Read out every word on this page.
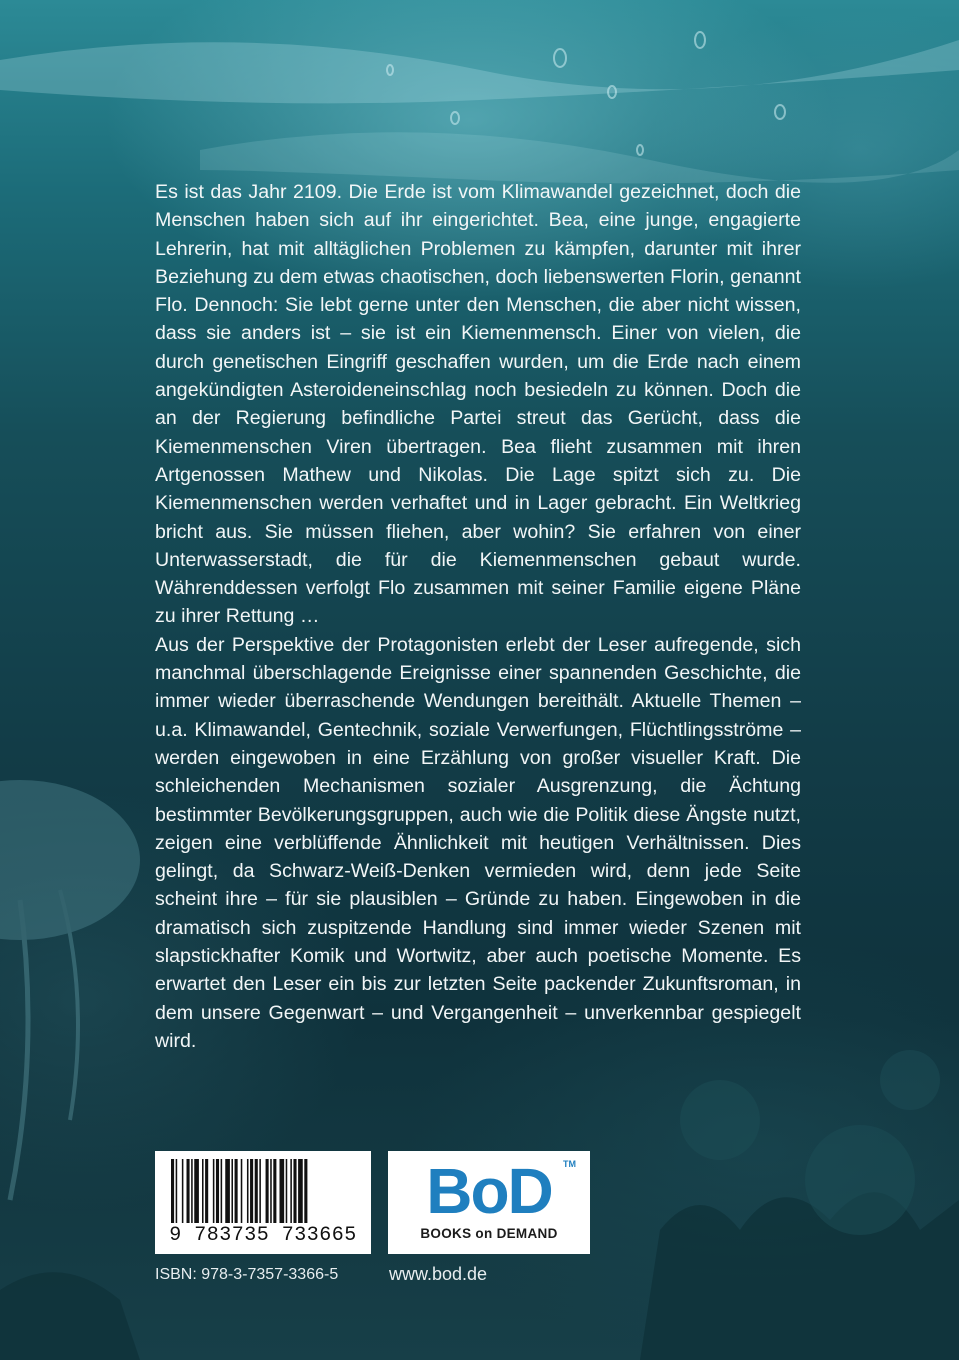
Es ist das Jahr 2109. Die Erde ist vom Klimawandel gezeichnet, doch die Menschen haben sich auf ihr eingerichtet. Bea, eine junge, engagierte Lehrerin, hat mit alltäglichen Problemen zu kämpfen, darunter mit ihrer Beziehung zu dem etwas chaotischen, doch liebenswerten Florin, genannt Flo. Dennoch: Sie lebt gerne unter den Menschen, die aber nicht wissen, dass sie anders ist – sie ist ein Kiemenmensch. Einer von vielen, die durch genetischen Eingriff geschaffen wurden, um die Erde nach einem angekündigten Asteroideneinschlag noch besiedeln zu können. Doch die an der Regierung befindliche Partei streut das Gerücht, dass die Kiemenmenschen Viren übertragen. Bea flieht zusammen mit ihren Artgenossen Mathew und Nikolas. Die Lage spitzt sich zu. Die Kiemenmenschen werden verhaftet und in Lager gebracht. Ein Weltkrieg bricht aus. Sie müssen fliehen, aber wohin? Sie erfahren von einer Unterwasserstadt, die für die Kiemenmenschen gebaut wurde. Währenddessen verfolgt Flo zusammen mit seiner Familie eigene Pläne zu ihrer Rettung …

Aus der Perspektive der Protagonisten erlebt der Leser aufregende, sich manchmal überschlagende Ereignisse einer spannenden Geschichte, die immer wieder überraschende Wendungen bereithält. Aktuelle Themen – u.a. Klimawandel, Gentechnik, soziale Verwerfungen, Flüchtlingsströme – werden eingewoben in eine Erzählung von großer visueller Kraft. Die schleichenden Mechanismen sozialer Ausgrenzung, die Ächtung bestimmter Bevölkerungsgruppen, auch wie die Politik diese Ängste nutzt, zeigen eine verblüffende Ähnlichkeit mit heutigen Verhältnissen. Dies gelingt, da Schwarz-Weiß-Denken vermieden wird, denn jede Seite scheint ihre – für sie plausiblen – Gründe zu haben. Eingewoben in die dramatisch sich zuspitzende Handlung sind immer wieder Szenen mit slapstickhafter Komik und Wortwitz, aber auch poetische Momente. Es erwartet den Leser ein bis zur letzten Seite packender Zukunftsroman, in dem unsere Gegenwart – und Vergangenheit – unverkennbar gespiegelt wird.

9 783735 733665
BoD	TM
BOOKS on DEMAND
ISBN: 978-3-7357-3366-5	www.bod.de
